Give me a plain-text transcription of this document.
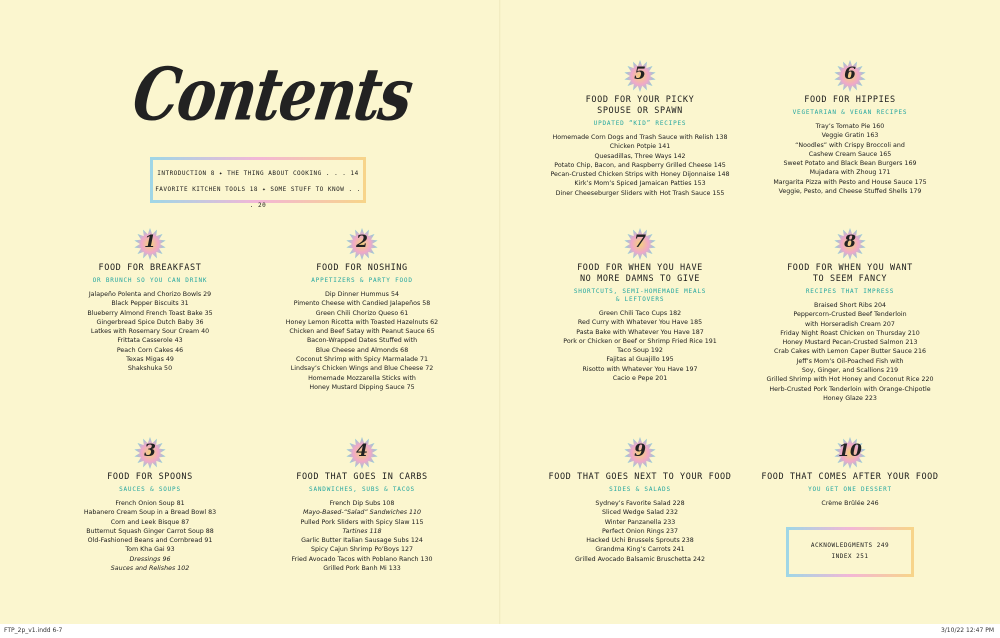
Contents
INTRODUCTION 8 ✦ THE THING ABOUT COOKING . . . 14
FAVORITE KITCHEN TOOLS 18 ✦ SOME STUFF TO KNOW . . . 20
ACKNOWLEDGMENTS 249
INDEX 251
1
FOOD FOR BREAKFAST
OR BRUNCH SO YOU CAN DRINK
Jalapeño Polenta and Chorizo Bowls 29
Black Pepper Biscuits 31
Blueberry Almond French Toast Bake 35
Gingerbread Spice Dutch Baby 36
Latkes with Rosemary Sour Cream 40
Frittata Casserole 43
Peach Corn Cakes 46
Texas Migas 49
Shakshuka 50
2
FOOD FOR NOSHING
APPETIZERS & PARTY FOOD
Dip Dinner Hummus 54
Pimento Cheese with Candied Jalapeños 58
Green Chili Chorizo Queso 61
Honey Lemon Ricotta with Toasted Hazelnuts 62
Chicken and Beef Satay with Peanut Sauce 65
Bacon-Wrapped Dates Stuffed with
Blue Cheese and Almonds 68
Coconut Shrimp with Spicy Marmalade 71
Lindsay’s Chicken Wings and Blue Cheese 72
Homemade Mozzarella Sticks with
Honey Mustard Dipping Sauce 75
3
FOOD FOR SPOONS
SAUCES & SOUPS
French Onion Soup 81
Habanero Cream Soup in a Bread Bowl 83
Corn and Leek Bisque 87
Butternut Squash Ginger Carrot Soup 88
Old-Fashioned Beans and Cornbread 91
Tom Kha Gai 93
Dressings 96
Sauces and Relishes 102
4
FOOD THAT GOES IN CARBS
SANDWICHES, SUBS & TACOS
French Dip Subs 108
Mayo-Based-“Salad” Sandwiches 110
Pulled Pork Sliders with Spicy Slaw 115
Tartines 118
Garlic Butter Italian Sausage Subs 124
Spicy Cajun Shrimp Po’Boys 127
Fried Avocado Tacos with Poblano Ranch 130
Grilled Pork Banh Mi 133
5
FOOD FOR YOUR PICKY
SPOUSE OR SPAWN
UPDATED “KID” RECIPES
Homemade Corn Dogs and Trash Sauce with Relish 138
Chicken Potpie 141
Quesadillas, Three Ways 142
Potato Chip, Bacon, and Raspberry Grilled Cheese 145
Pecan-Crusted Chicken Strips with Honey Dijonnaise 148
Kirk’s Mom’s Spiced Jamaican Patties 153
Diner Cheeseburger Sliders with Hot Trash Sauce 155
6
FOOD FOR HIPPIES
VEGETARIAN & VEGAN RECIPES
Tray’s Tomato Pie 160
Veggie Gratin 163
“Noodles” with Crispy Broccoli and
Cashew Cream Sauce 165
Sweet Potato and Black Bean Burgers 169
Mujadara with Zhoug 171
Margarita Pizza with Pesto and House Sauce 175
Veggie, Pesto, and Cheese Stuffed Shells 179
7
FOOD FOR WHEN YOU HAVE
NO MORE DAMNS TO GIVE
SHORTCUTS, SEMI-HOMEMADE MEALS
& LEFTOVERS
Green Chili Taco Cups 182
Red Curry with Whatever You Have 185
Pasta Bake with Whatever You Have 187
Pork or Chicken or Beef or Shrimp Fried Rice 191
Taco Soup 192
Fajitas al Guajillo 195
Risotto with Whatever You Have 197
Cacio e Pepe 201
8
FOOD FOR WHEN YOU WANT
TO SEEM FANCY
RECIPES THAT IMPRESS
Braised Short Ribs 204
Peppercorn-Crusted Beef Tenderloin
with Horseradish Cream 207
Friday Night Roast Chicken on Thursday 210
Honey Mustard Pecan-Crusted Salmon 213
Crab Cakes with Lemon Caper Butter Sauce 216
Jeff’s Mom’s Oil-Poached Fish with
Soy, Ginger, and Scallions 219
Grilled Shrimp with Hot Honey and Coconut Rice 220
Herb-Crusted Pork Tenderloin with Orange-Chipotle
Honey Glaze 223
9
FOOD THAT GOES NEXT TO YOUR FOOD
SIDES & SALADS
Sydney’s Favorite Salad 228
Sliced Wedge Salad 232
Winter Panzanella 233
Perfect Onion Rings 237
Hacked Uchi Brussels Sprouts 238
Grandma King’s Carrots 241
Grilled Avocado Balsamic Bruschetta 242
10
FOOD THAT COMES AFTER YOUR FOOD
YOU GET ONE DESSERT
Crème Brûlée 246
FTP_2p_v1.indd 6-7	3/10/22 12:47 PM
